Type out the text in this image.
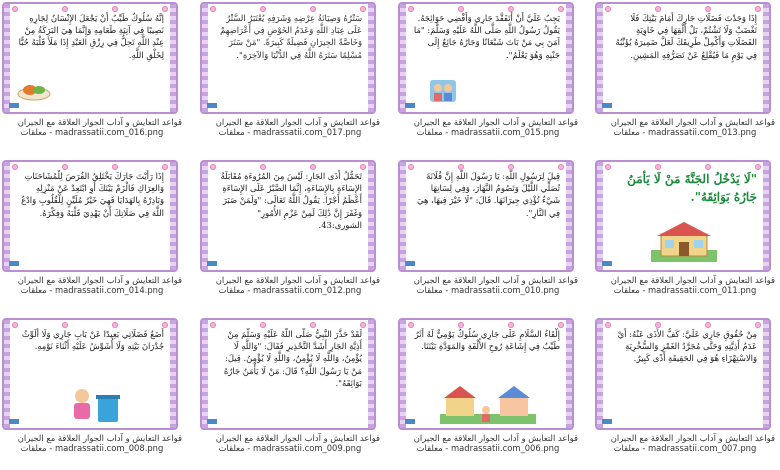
إنَّهُ سُلُوكٌ طَيِّبٌ أَنْ يَجْعَلَ الإِنْسَانُ لِجَارِهِ نَصِيبًا فِي آنِيَةِ طَعَامِهِ وَإِنَّمَا هِيَ البَرَكَةُ مِنْ عِنْدِ اللَّهِ تَحِلُّ فِي رِزْقِ العَبْدِ إِذَا مَلَأَ قَلْبَهُ حُبًّا لِخَلْقِ اللَّهِ.
قواعد التعايش و آداب الجوار العلاقة مع الجيران
madrassatii.com_016.png - معلقات
سَتْرُهُ وَصِيَانَةُ عِرْضِهِ وَشَرَفِهِ يُعْتَبَرُ السَّتْرُ عَلَى عِبَادِ اللَّهِ وَعَدَمُ الخَوْضِ فِي أَعْرَاضِهِمْ وَخَاصَّةً الجِيرَانِ فَضِيلَةً كَبِيرَةً. "مَنْ سَتَرَ مُسْلِمًا سَتَرَهُ اللَّهُ فِي الدُّنْيَا وَالآخِرَةِ".
قواعد التعايش و آداب الجوار العلاقة مع الجيران
madrassatii.com_017.png - معلقات
يَجِبُ عَلَيَّ أَنْ أَتَفَقَّدَ جَارِي وَأَقْضِي حَوَائِجَهُ. يَقُولُ رَسُولُ اللَّهِ صَلَّى اللَّهُ عَلَيْهِ وَسَلَّمَ: "مَا آمَنَ بِي مَنْ بَاتَ شَبْعَانًا وَجَارُهُ جَائِعٌ إِلَى جَنْبِهِ وَهُوَ يَعْلَمُ".
قواعد التعايش و آداب الجوار العلاقة مع الجيران
madrassatii.com_015.png - معلقات
إِذَا وَجَدْتَ فَضَلَاتِ جَارِكَ أَمَامَ بَيْتِكَ فَلَا تَغْضَبْ وَلَا تَشْتُمْ، بَلْ أَلْقِهَا فِي خَاوِيَةِ الفَضَلَاتِ وَأَكْمِلْ طَرِيقَكَ لَعَلَّ ضَمِيرَهُ يُؤَنِّبُهُ فِي يَوْمٍ مَا فَيُقْلِعُ عَنْ تَصَرُّفِهِ المَشِينِ.
قواعد التعايش و آداب الجوار العلاقة مع الجيران
madrassatii.com_013.png - معلقات
إِذَا رَأَيْتَ جَارَكَ يَخْتَلِقُ الفُرَصَ لِلْمُشَاحَنَاتِ وَالعِرَاكِ فَالْزَمْ بَيْتَكَ أَوِ ابْتَعِدْ عَنْ مَنْزِلِهِ وَبَادِرْهُ بِالهَدَايَا فَهِيَ خَيْرُ مُلَيِّنٍ لِلْقُلُوبِ وَادْعُ اللَّهَ فِي صَلَاتِكَ أَنْ يَهْدِيَ قَلْبَهُ وَفِكْرَهُ.
قواعد التعايش و آداب الجوار العلاقة مع الجيران
madrassatii.com_014.png - معلقات
تَحَمُّلُ أَذَى الجَارِ: لَيْسَ مِنَ المُرُوءَةِ مُقَابَلَةُ الإِسَاءَةِ بِالإِسَاءَةِ، إِنَّمَا الصَّبْرُ عَلَى الإِسَاءَةِ أَعْظَمُ أَجْرًا. يَقُولُ اللَّهُ تَعَالَى: "وَلَمَنْ صَبَرَ وَغَفَرَ إِنَّ ذَٰلِكَ لَمِنْ عَزْمِ الأُمُورِ" الشورى:43.
قواعد التعايش و آداب الجوار العلاقة مع الجيران
madrassatii.com_012.png - معلقات
قِيلَ لِرَسُولِ اللَّهِ: يَا رَسُولَ اللَّهِ إِنَّ فُلَانَةَ تُصَلِّي اللَّيْلَ وَتَصُومُ النَّهَارَ، وَفِي لِسَانِهَا شَيْءٌ تُؤْذِي جِيرَانَهَا. قَالَ: "لَا خَيْرَ فِيهَا، هِيَ فِي النَّارِ".
قواعد التعايش و آداب الجوار العلاقة مع الجيران
madrassatii.com_010.png - معلقات
"لَا يَدْخُلُ الجَنَّةَ مَنْ لَا يَأْمَنُ جَارُهُ بَوَائِقَهُ".
قواعد التعايش و آداب الجوار العلاقة مع الجيران
madrassatii.com_011.png - معلقات
أَضَعُ فَضَلَاتِي بَعِيدًا عَنْ بَابِ جَارِي وَلَا أُلَوِّثُ جُدْرَانَ بَيْتِهِ وَلَا أُشَوِّشُ عَلَيْهِ أَثْنَاءَ نَوْمِهِ.
قواعد التعايش و آداب الجوار العلاقة مع الجيران
madrassatii.com_008.png - معلقات
لَقَدْ حَذَّرَ النَّبِيُّ صَلَّى اللَّهُ عَلَيْهِ وَسَلَّمَ مِنْ أَذِيَّةِ الجَارِ أَشَدَّ التَّحْذِيرِ فَقَالَ: "وَاللَّهِ لَا يُؤْمِنُ، وَاللَّهِ لَا يُؤْمِنُ، وَاللَّهِ لَا يُؤْمِنُ. قِيلَ: مَنْ يَا رَسُولَ اللَّهِ؟ قَالَ: مَنْ لَا يَأْمَنُ جَارُهُ بَوَائِقَهُ".
قواعد التعايش و آداب الجوار العلاقة مع الجيران
madrassatii.com_009.png - معلقات
إِلْقَاءُ السَّلَامِ عَلَى جَارِي سُلُوكٌ يَوْمِيٌّ لَهُ أَثَرٌ طَيِّبٌ فِي إِشَاعَةِ رُوحِ الأُلْفَةِ وَالمَوَدَّةِ بَيْنَنَا.
قواعد التعايش و آداب الجوار العلاقة مع الجيران
madrassatii.com_006.png - معلقات
مِنْ حُقُوقِ جَارِي عَلَيَّ: كَفُّ الأَذَى عَنْهُ: أَيْ عَدَمُ أَذِيَّتِهِ وَحَتَّى مُجَرَّدُ الغَمْزِ وَالسُّخْرِيَةِ وَالاسْتِهْزَاءِ هُوَ فِي الحَقِيقَةِ أَذًى كَبِيرٌ.
قواعد التعايش و آداب الجوار العلاقة مع الجيران
madrassatii.com_007.png - معلقات
